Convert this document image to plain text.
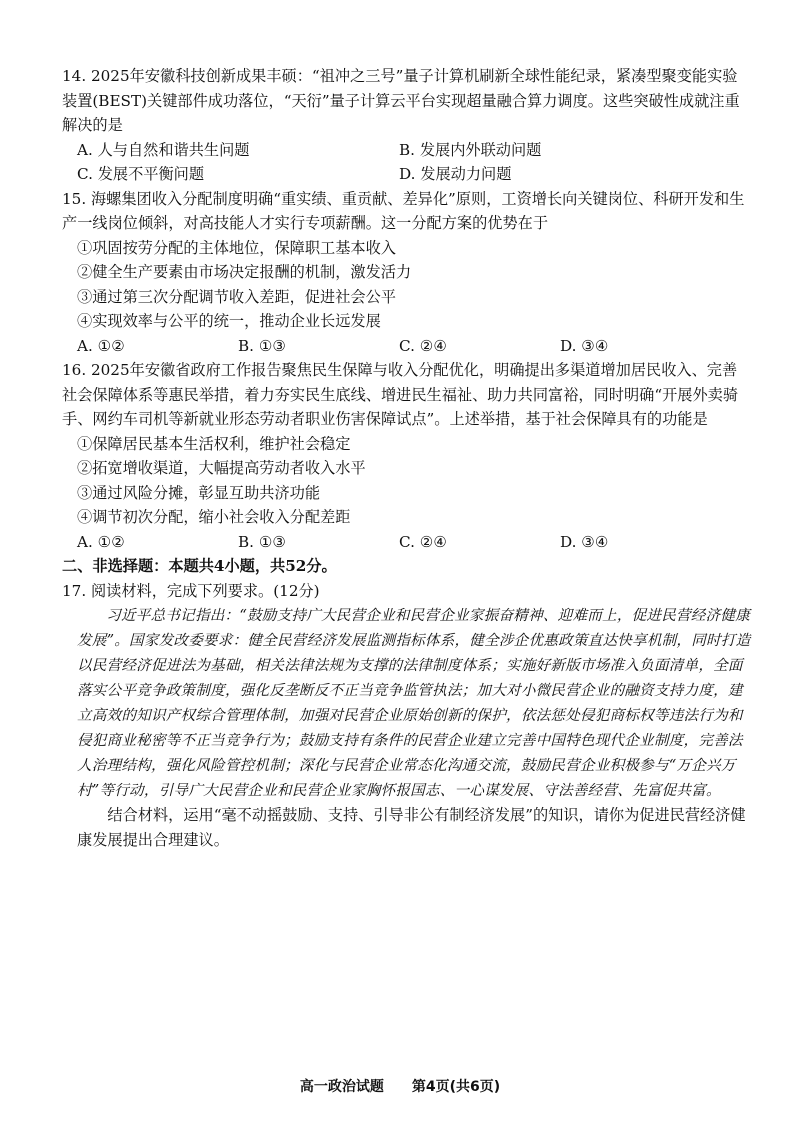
14. 2025年安徽科技创新成果丰硕：“祖冲之三号”量子计算机刷新全球性能纪录，紧凑型聚变能实验装置(BEST)关键部件成功落位，“天衍”量子计算云平台实现超量融合算力调度。这些突破性成就注重解决的是

A. 人与自然和谐共生问题	B. 发展内外联动问题
C. 发展不平衡问题	D. 发展动力问题

15. 海螺集团收入分配制度明确“重实绩、重贡献、差异化”原则，工资增长向关键岗位、科研开发和生产一线岗位倾斜，对高技能人才实行专项薪酬。这一分配方案的优势在于

①巩固按劳分配的主体地位，保障职工基本收入

②健全生产要素由市场决定报酬的机制，激发活力

③通过第三次分配调节收入差距，促进社会公平

④实现效率与公平的统一，推动企业长远发展

A. ①②	B. ①③	C. ②④	D. ③④

16. 2025年安徽省政府工作报告聚焦民生保障与收入分配优化，明确提出多渠道增加居民收入、完善社会保障体系等惠民举措，着力夯实民生底线、增进民生福祉、助力共同富裕，同时明确“开展外卖骑手、网约车司机等新就业形态劳动者职业伤害保障试点”。上述举措，基于社会保障具有的功能是

①保障居民基本生活权利，维护社会稳定

②拓宽增收渠道，大幅提高劳动者收入水平

③通过风险分摊，彰显互助共济功能

④调节初次分配，缩小社会收入分配差距

A. ①②	B. ①③	C. ②④	D. ③④

二、非选择题：本题共4小题，共52分。

17. 阅读材料，完成下列要求。(12分)

习近平总书记指出：“鼓励支持广大民营企业和民营企业家振奋精神、迎难而上，促进民营经济健康发展”。国家发改委要求：健全民营经济发展监测指标体系，健全涉企优惠政策直达快享机制，同时打造以民营经济促进法为基础，相关法律法规为支撑的法律制度体系；实施好新版市场准入负面清单，全面落实公平竞争政策制度，强化反垄断反不正当竞争监管执法；加大对小微民营企业的融资支持力度，建立高效的知识产权综合管理体制，加强对民营企业原始创新的保护，依法惩处侵犯商标权等违法行为和侵犯商业秘密等不正当竞争行为；鼓励支持有条件的民营企业建立完善中国特色现代企业制度，完善法人治理结构，强化风险管控机制；深化与民营企业常态化沟通交流，鼓励民营企业积极参与“万企兴万村”等行动，引导广大民营企业和民营企业家胸怀报国志、一心谋发展、守法善经营、先富促共富。

结合材料，运用“毫不动摇鼓励、支持、引导非公有制经济发展”的知识，请你为促进民营经济健康发展提出合理建议。

高一政治试题 第4页(共6页)
